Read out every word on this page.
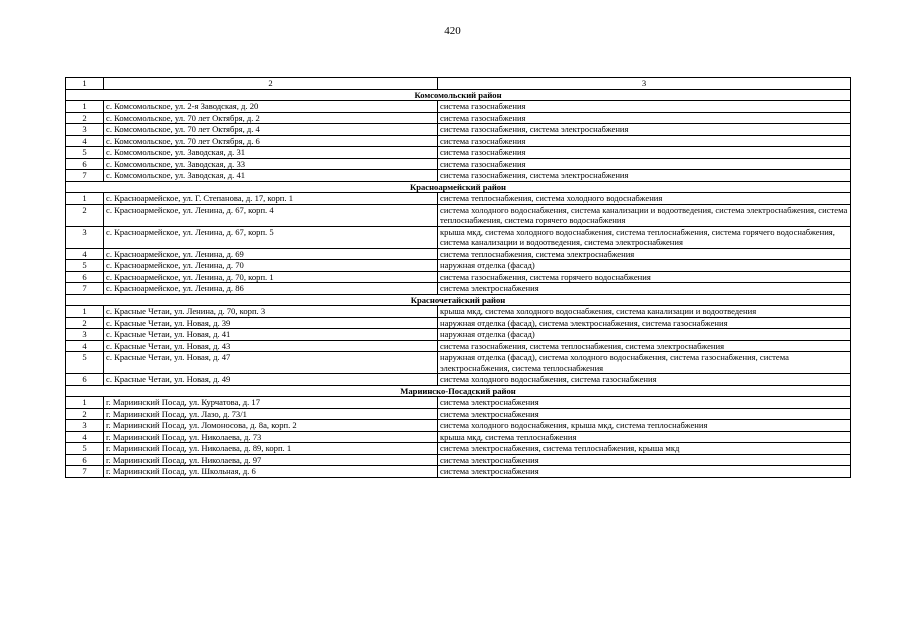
420
1	2	3
Комсомольский район		
1	с. Комсомольское, ул. 2-я Заводская, д. 20	система газоснабжения
2	с. Комсомольское, ул. 70 лет Октября, д. 2	система газоснабжения
3	с. Комсомольское, ул. 70 лет Октября, д. 4	система газоснабжения, система электроснабжения
4	с. Комсомольское, ул. 70 лет Октября, д. 6	система газоснабжения
5	с. Комсомольское, ул. Заводская, д. 31	система газоснабжения
6	с. Комсомольское, ул. Заводская, д. 33	система газоснабжения
7	с. Комсомольское, ул. Заводская, д. 41	система газоснабжения, система электроснабжения
Красноармейский район		
1	с. Красноармейское, ул. Г. Степанова, д. 17, корп. 1	система теплоснабжения, система холодного водоснабжения
2	с. Красноармейское, ул. Ленина, д. 67, корп. 4	система холодного водоснабжения, система канализации и водоотведения, система электроснабжения, система теплоснабжения, система горячего водоснабжения
3	с. Красноармейское, ул. Ленина, д. 67, корп. 5	крыша мкд, система холодного водоснабжения, система теплоснабжения, система горячего водоснабжения, система канализации и водоотведения, система электроснабжения
4	с. Красноармейское, ул. Ленина, д. 69	система теплоснабжения, система электроснабжения
5	с. Красноармейское, ул. Ленина, д. 70	наружная отделка (фасад)
6	с. Красноармейское, ул. Ленина, д. 70, корп. 1	система газоснабжения, система горячего водоснабжения
7	с. Красноармейское, ул. Ленина, д. 86	система электроснабжения
Красночетайский район		
1	с. Красные Четаи, ул. Ленина, д. 70, корп. 3	крыша мкд, система холодного водоснабжения, система канализации и водоотведения
2	с. Красные Четаи, ул. Новая, д. 39	наружная отделка (фасад), система электроснабжения, система газоснабжения
3	с. Красные Четаи, ул. Новая, д. 41	наружная отделка (фасад)
4	с. Красные Четаи, ул. Новая, д. 43	система газоснабжения, система теплоснабжения, система электроснабжения
5	с. Красные Четаи, ул. Новая, д. 47	наружная отделка (фасад), система холодного водоснабжения, система газоснабжения, система электроснабжения, система теплоснабжения
6	с. Красные Четаи, ул. Новая, д. 49	система холодного водоснабжения, система газоснабжения
Мариинско-Посадский район		
1	г. Мариинский Посад, ул. Курчатова, д. 17	система электроснабжения
2	г. Мариинский Посад, ул. Лазо, д. 73/1	система электроснабжения
3	г. Мариинский Посад, ул. Ломоносова, д. 8а, корп. 2	система холодного водоснабжения, крыша мкд, система теплоснабжения
4	г. Мариинский Посад, ул. Николаева, д. 73	крыша мкд, система теплоснабжения
5	г. Мариинский Посад, ул. Николаева, д. 89, корп. 1	система электроснабжения, система теплоснабжения, крыша мкд
6	г. Мариинский Посад, ул. Николаева, д. 97	система электроснабжения
7	г. Мариинский Посад, ул. Школьная, д. 6	система электроснабжения
